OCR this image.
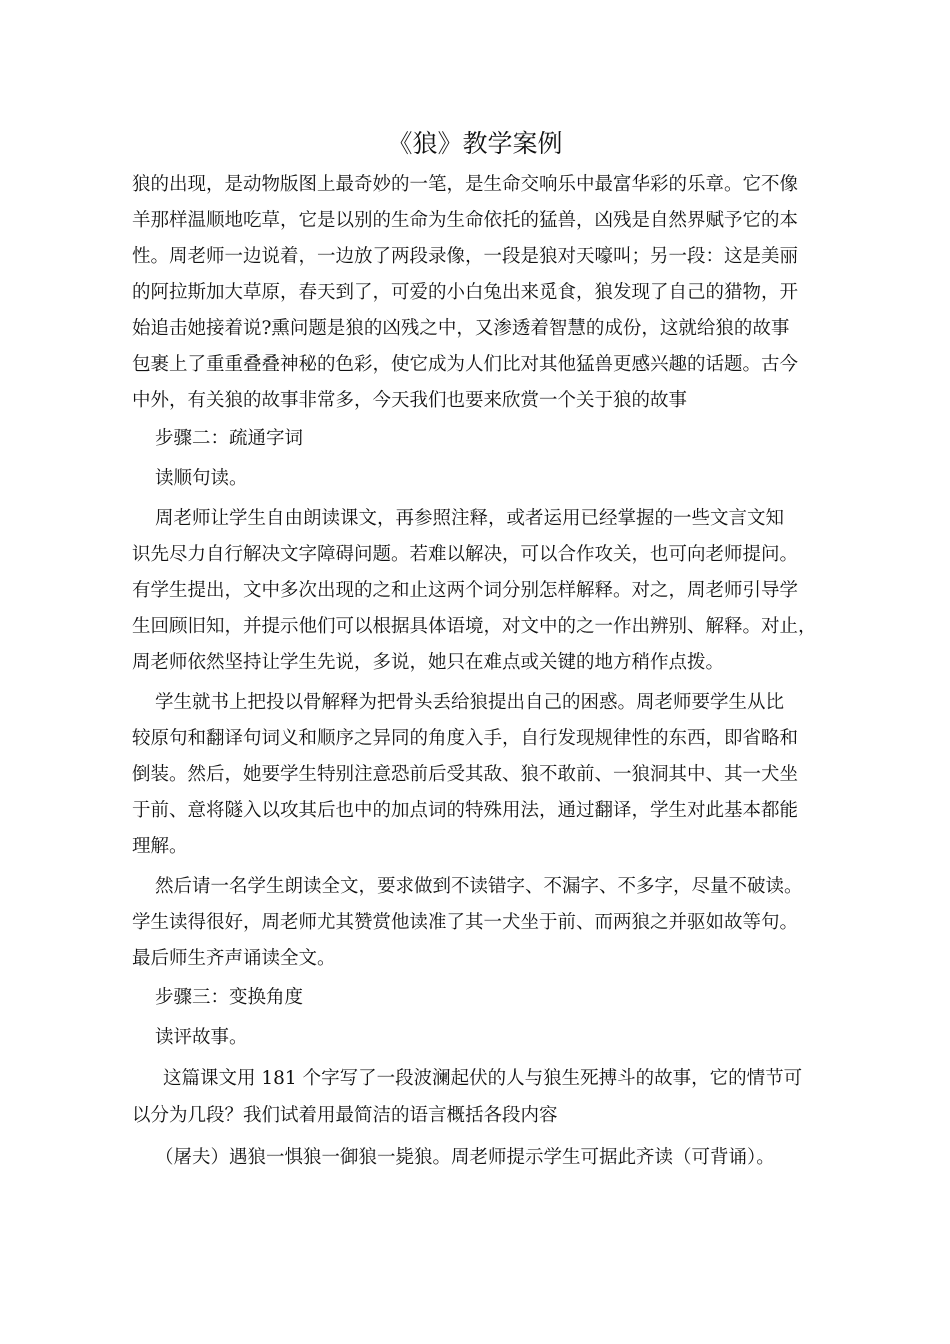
《狼》教学案例
狼的出现，是动物版图上最奇妙的一笔，是生命交响乐中最富华彩的乐章。它不像
羊那样温顺地吃草，它是以别的生命为生命依托的猛兽，凶残是自然界赋予它的本
性。周老师一边说着，一边放了两段录像，一段是狼对天嚎叫；另一段：这是美丽
的阿拉斯加大草原，春天到了，可爱的小白兔出来觅食，狼发现了自己的猎物，开
始追击她接着说?熏问题是狼的凶残之中，又渗透着智慧的成份，这就给狼的故事
包裹上了重重叠叠神秘的色彩，使它成为人们比对其他猛兽更感兴趣的话题。古今
中外，有关狼的故事非常多，今天我们也要来欣赏一个关于狼的故事
步骤二：疏通字词
读顺句读。
周老师让学生自由朗读课文，再参照注释，或者运用已经掌握的一些文言文知
识先尽力自行解决文字障碍问题。若难以解决，可以合作攻关，也可向老师提问。
有学生提出，文中多次出现的之和止这两个词分别怎样解释。对之，周老师引导学
生回顾旧知，并提示他们可以根据具体语境，对文中的之一作出辨别、解释。对止，
周老师依然坚持让学生先说，多说，她只在难点或关键的地方稍作点拨。
学生就书上把投以骨解释为把骨头丢给狼提出自己的困惑。周老师要学生从比
较原句和翻译句词义和顺序之异同的角度入手，自行发现规律性的东西，即省略和
倒装。然后，她要学生特别注意恐前后受其敌、狼不敢前、一狼洞其中、其一犬坐
于前、意将隧入以攻其后也中的加点词的特殊用法，通过翻译，学生对此基本都能
理解。
然后请一名学生朗读全文，要求做到不读错字、不漏字、不多字，尽量不破读。
学生读得很好，周老师尤其赞赏他读准了其一犬坐于前、而两狼之并驱如故等句。
最后师生齐声诵读全文。
步骤三：变换角度
读评故事。
这篇课文用 181 个字写了一段波澜起伏的人与狼生死搏斗的故事，它的情节可
以分为几段？我们试着用最简洁的语言概括各段内容
（屠夫）遇狼一惧狼一御狼一毙狼。周老师提示学生可据此齐读（可背诵）。
